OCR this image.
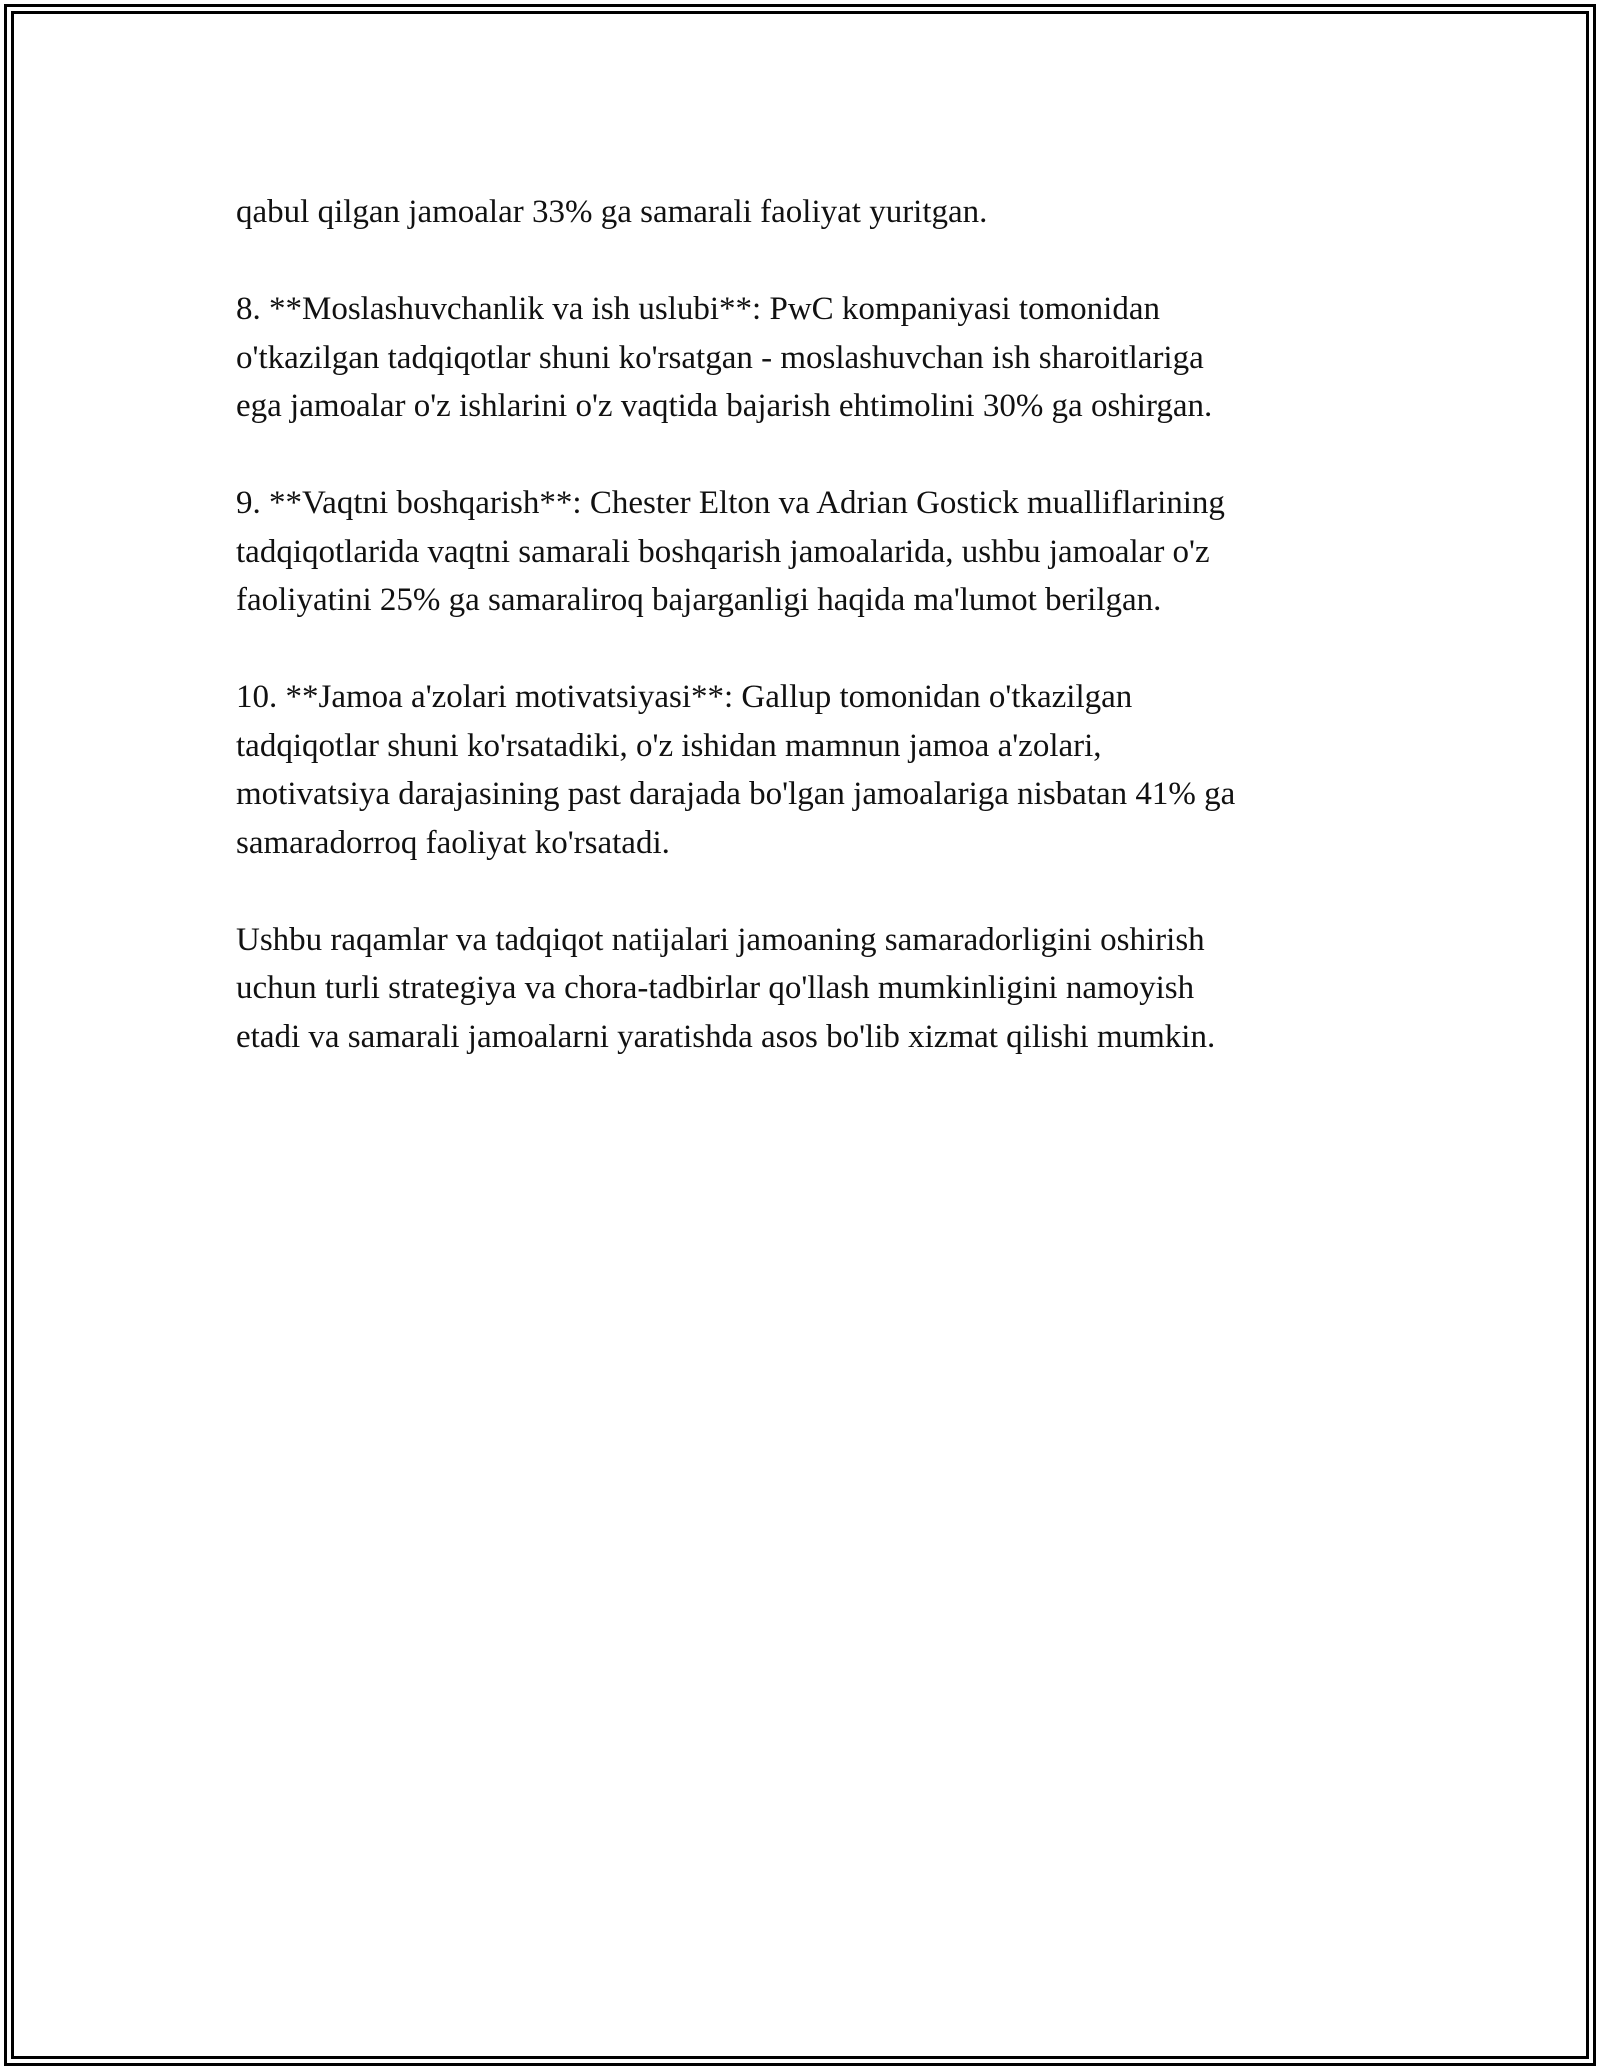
qabul qilgan jamoalar 33% ga samarali faoliyat yuritgan.

8. **Moslashuvchanlik va ish uslubi**: PwC kompaniyasi tomonidan
o'tkazilgan tadqiqotlar shuni ko'rsatgan - moslashuvchan ish sharoitlariga
ega jamoalar o'z ishlarini o'z vaqtida bajarish ehtimolini 30% ga oshirgan.

9. **Vaqtni boshqarish**: Chester Elton va Adrian Gostick mualliflarining
tadqiqotlarida vaqtni samarali boshqarish jamoalarida, ushbu jamoalar o'z
faoliyatini 25% ga samaraliroq bajarganligi haqida ma'lumot berilgan.

10. **Jamoa a'zolari motivatsiyasi**: Gallup tomonidan o'tkazilgan
tadqiqotlar shuni ko'rsatadiki, o'z ishidan mamnun jamoa a'zolari,
motivatsiya darajasining past darajada bo'lgan jamoalariga nisbatan 41% ga
samaradorroq faoliyat ko'rsatadi.

Ushbu raqamlar va tadqiqot natijalari jamoaning samaradorligini oshirish
uchun turli strategiya va chora-tadbirlar qo'llash mumkinligini namoyish
etadi va samarali jamoalarni yaratishda asos bo'lib xizmat qilishi mumkin.
